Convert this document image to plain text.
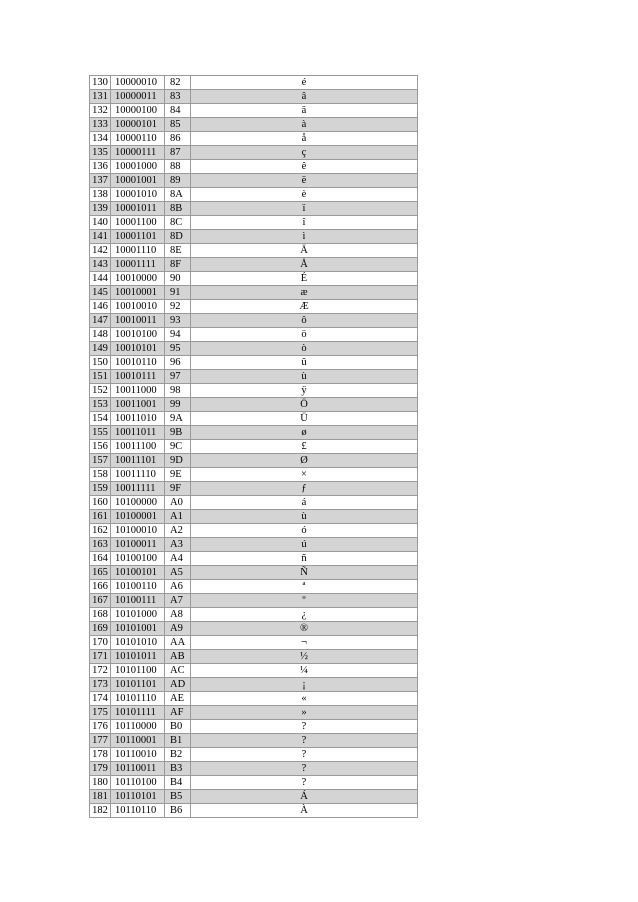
130	10000010	82	é
131	10000011	83	â
132	10000100	84	ä
133	10000101	85	à
134	10000110	86	å
135	10000111	87	ç
136	10001000	88	ê
137	10001001	89	ë
138	10001010	8A	è
139	10001011	8B	ï
140	10001100	8C	î
141	10001101	8D	ì
142	10001110	8E	Ä
143	10001111	8F	Å
144	10010000	90	É
145	10010001	91	æ
146	10010010	92	Æ
147	10010011	93	ô
148	10010100	94	ö
149	10010101	95	ò
150	10010110	96	û
151	10010111	97	ù
152	10011000	98	ÿ
153	10011001	99	Ö
154	10011010	9A	Ü
155	10011011	9B	ø
156	10011100	9C	£
157	10011101	9D	Ø
158	10011110	9E	×
159	10011111	9F	ƒ
160	10100000	A0	á
161	10100001	A1	ù
162	10100010	A2	ó
163	10100011	A3	ú
164	10100100	A4	ñ
165	10100101	A5	Ñ
166	10100110	A6	ª
167	10100111	A7	º
168	10101000	A8	¿
169	10101001	A9	®
170	10101010	AA	¬
171	10101011	AB	½
172	10101100	AC	¼
173	10101101	AD	¡
174	10101110	AE	«
175	10101111	AF	»
176	10110000	B0	?
177	10110001	B1	?
178	10110010	B2	?
179	10110011	B3	?
180	10110100	B4	?
181	10110101	B5	Á
182	10110110	B6	À
